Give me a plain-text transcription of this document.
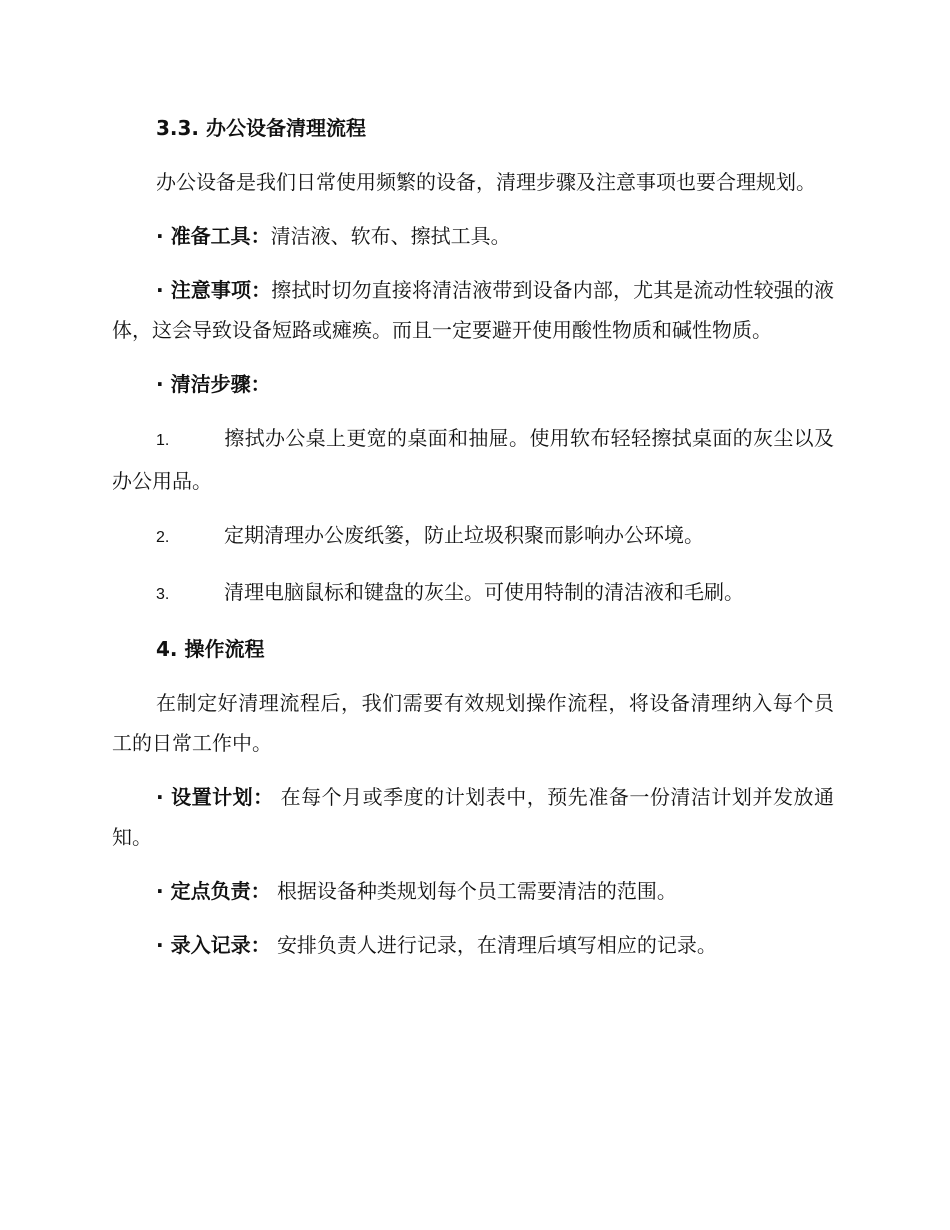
3.3. 办公设备清理流程

办公设备是我们日常使用频繁的设备，清理步骤及注意事项也要合理规划。

· 准备工具：清洁液、软布、擦拭工具。

· 注意事项：擦拭时切勿直接将清洁液带到设备内部，尤其是流动性较强的液体，这会导致设备短路或瘫痪。而且一定要避开使用酸性物质和碱性物质。

· 清洁步骤：

1.	擦拭办公桌上更宽的桌面和抽屉。使用软布轻轻擦拭桌面的灰尘以及办公用品。

2.	定期清理办公废纸篓，防止垃圾积聚而影响办公环境。

3.	清理电脑鼠标和键盘的灰尘。可使用特制的清洁液和毛刷。

4. 操作流程

在制定好清理流程后，我们需要有效规划操作流程，将设备清理纳入每个员工的日常工作中。

· 设置计划： 在每个月或季度的计划表中，预先准备一份清洁计划并发放通知。

· 定点负责： 根据设备种类规划每个员工需要清洁的范围。

· 录入记录： 安排负责人进行记录，在清理后填写相应的记录。
